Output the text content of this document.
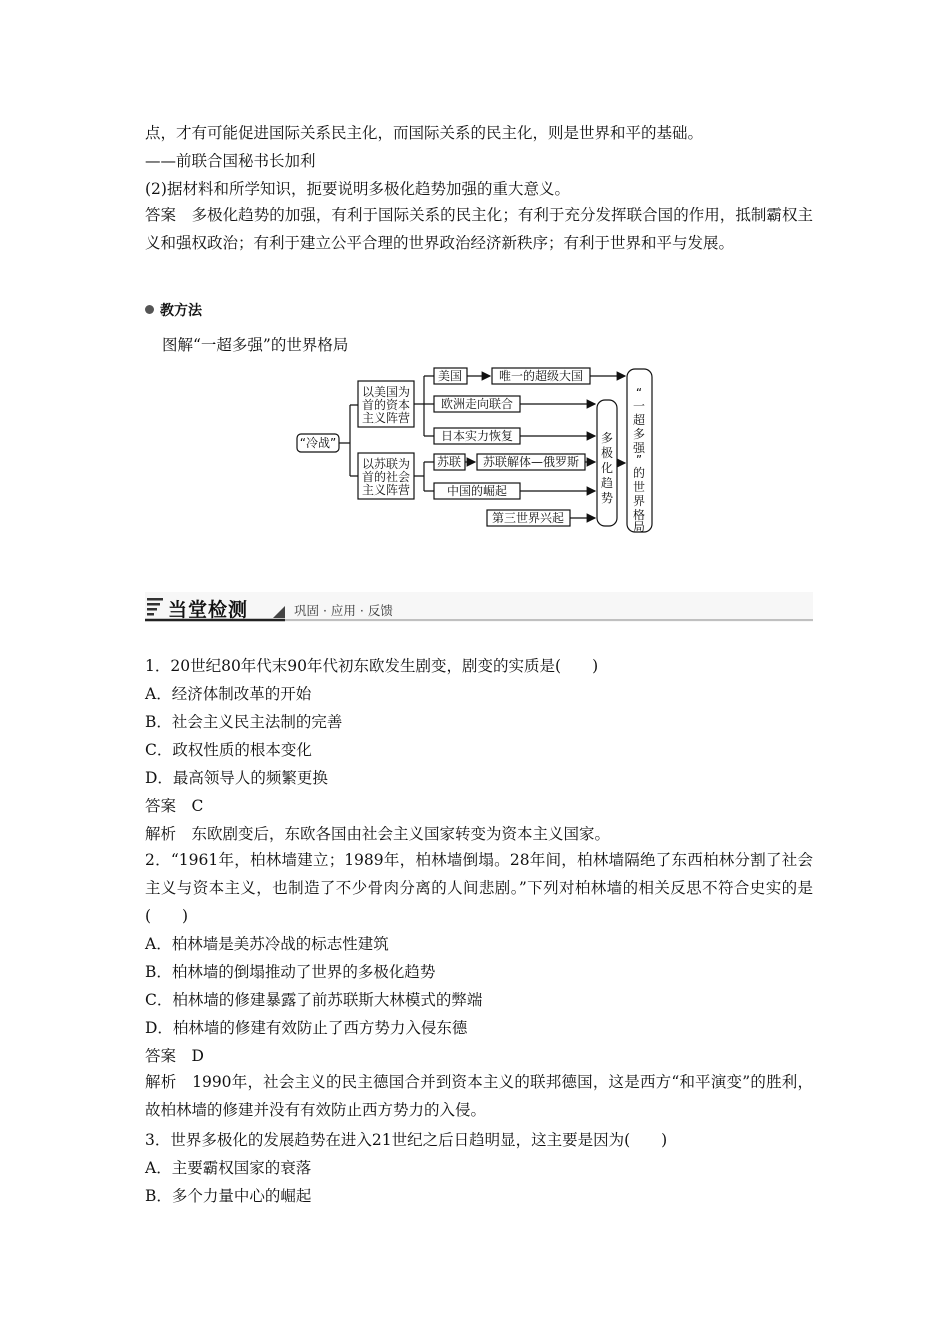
点，才有可能促进国际关系民主化，而国际关系的民主化，则是世界和平的基础。
——前联合国秘书长加利
(2)据材料和所学知识，扼要说明多极化趋势加强的重大意义。
答案　多极化趋势的加强，有利于国际关系的民主化；有利于充分发挥联合国的作用，抵制霸权主义和强权政治；有利于建立公平合理的世界政治经济新秩序；有利于世界和平与发展。
教方法
图解“一超多强”的世界格局
“冷战”
以美国为
首的资本
主义阵营
以苏联为
首的社会
主义阵营
美国	唯一的超级大国
欧洲走向联合
日本实力恢复
苏联 苏联解体—俄罗斯
中国的崛起
第三世界兴起
多
极
化
趋
势
“
一
超
多
强
”
的
世
界
格
局
当堂检测	巩固 · 应用 · 反馈
1．20世纪80年代末90年代初东欧发生剧变，剧变的实质是(　　)
A．经济体制改革的开始
B．社会主义民主法制的完善
C．政权性质的根本变化
D．最高领导人的频繁更换
答案　C
解析　东欧剧变后，东欧各国由社会主义国家转变为资本主义国家。
2．“1961年，柏林墙建立；1989年，柏林墙倒塌。28年间，柏林墙隔绝了东西柏林分割了社会主义与资本主义，也制造了不少骨肉分离的人间悲剧。”下列对柏林墙的相关反思不符合史实的是(　　)
A．柏林墙是美苏冷战的标志性建筑
B．柏林墙的倒塌推动了世界的多极化趋势
C．柏林墙的修建暴露了前苏联斯大林模式的弊端
D．柏林墙的修建有效防止了西方势力入侵东德
答案　D
解析　1990年，社会主义的民主德国合并到资本主义的联邦德国，这是西方“和平演变”的胜利，故柏林墙的修建并没有有效防止西方势力的入侵。
3．世界多极化的发展趋势在进入21世纪之后日趋明显，这主要是因为(　　)
A．主要霸权国家的衰落
B．多个力量中心的崛起
